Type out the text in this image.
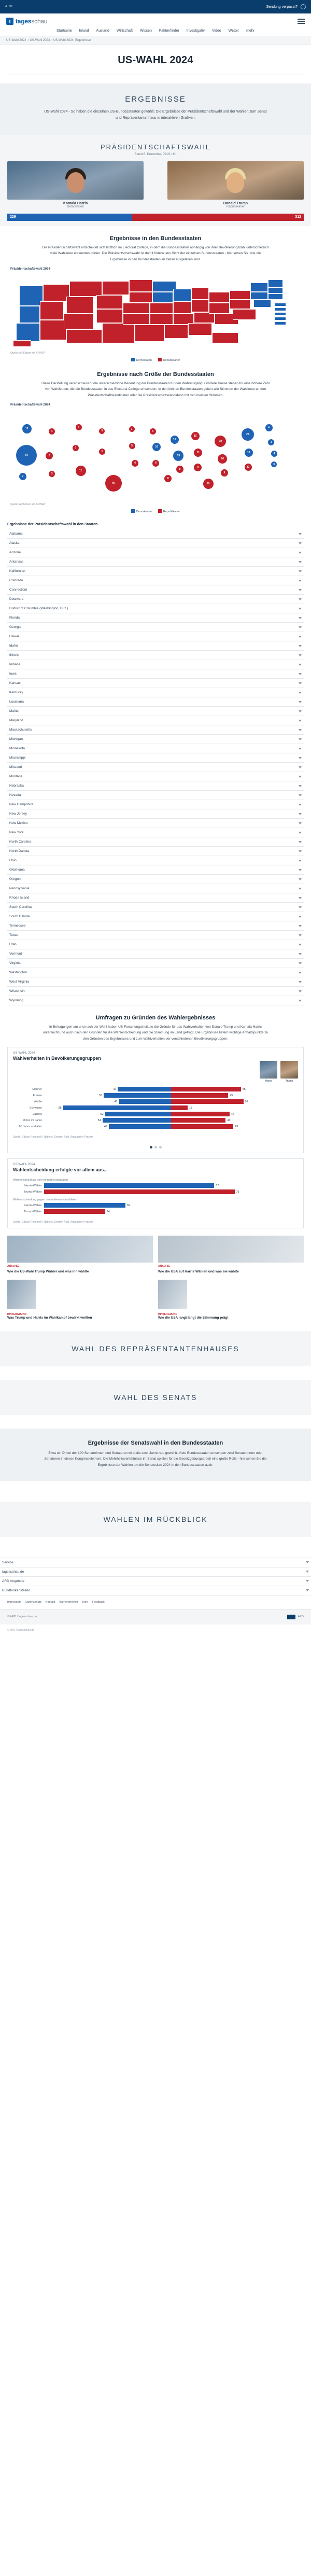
ARD	Sendung verpasst?
t tagesschau
Startseite Inland Ausland Wirtschaft Wissen Faktenfinder Investigativ Video Wetter mehr
US-Wahl 2024 › US-Wahl 2024 › US-Wahl 2024: Ergebnisse
US-WAHL 2024
ERGEBNISSE
US-Wahl 2024 - So haben die einzelnen US-Bundesstaaten gewählt: Die Ergebnisse der Präsidentschaftswahl und der Wahlen zum Senat und Repräsentantenhaus in interaktiven Grafiken.
PRÄSIDENTSCHAFTSWAHL
Stand 6. Dezember, 09:21 Uhr
Kamala Harris
Demokraten
Donald Trump
Republikaner
226	312
Ergebnisse in den Bundesstaaten
Die Präsidentschaftswahl entscheidet sich letztlich im Electoral College, in dem die Bundesstaaten abhängig von ihrer Bevölkerungszahl unterschiedlich viele Wahlleute entsenden dürfen. Die Präsidentschaftswahl ist damit föderal aus Sicht der einzelnen Bundesstaaten - hier sehen Sie, wie die Ergebnisse in den Bundesstaaten im Detail ausgefallen sind.
Präsidentschaftswahl 2024
Quelle: AP/Edison via AP/NEP
Demokraten	Republikaner
Ergebnisse nach Größe der Bundesstaaten
Diese Darstellung veranschaulicht die unterschiedliche Bedeutung der Bundesstaaten für den Wahlausgang: Größere Kreise stehen für eine höhere Zahl von Wahlleuten, die die Bundesstaaten in das Electoral College entsenden. In den kleinen Bundesstaaten gelten alle Stimmen der Wahlleute an den Präsidentschaftskandidaten oder die Präsidentschaftskandidatin mit den meisten Stimmen.
Präsidentschaftswahl 2024
54
12
7
4
6
3
4
3
11
3
5
40
3
5
6
4
10
6
8
10
19
8
15
11
9
30
19
16
9
28
10
13
4
3
4
3
Quelle: AP/Edison via AP/NEP
Demokraten	Republikaner
Ergebnisse der Präsidentschaftswahl in den Staaten
Alabama
Alaska
Arizona
Arkansas
Kalifornien
Colorado
Connecticut
Delaware
District of Columbia (Washington, D.C.)
Florida
Georgia
Hawaii
Idaho
Illinois
Indiana
Iowa
Kansas
Kentucky
Louisiana
Maine
Maryland
Massachusetts
Michigan
Minnesota
Mississippi
Missouri
Montana
Nebraska
Nevada
New Hampshire
New Jersey
New Mexico
New York
North Carolina
North Dakota
Ohio
Oklahoma
Oregon
Pennsylvania
Rhode Island
South Carolina
South Dakota
Tennessee
Texas
Utah
Vermont
Virginia
Washington
West Virginia
Wisconsin
Wyoming
Umfragen zu Gründen des Wahlergebnisses
In Befragungen am und nach der Wahl haben US-Forschungsinstitute die Gründe für das Wahlverhalten von Donald Trump und Kamala Harris untersucht und auch nach den Gründen für die Wahlentscheidung und die Stimmung im Land gefragt. Die Ergebnisse liefern wichtige Anhaltspunkte zu den Gründen des Ergebnisses und zum Wahlverhalten der verschiedenen Bevölkerungsgruppen.
US-WAHL 2024
Wahlverhalten in Bevölkerungsgruppen
Harris	Trump
Männer	42	55
Frauen	53	45
Weiße	41	57
Schwarze	85	13
Latinos	52	46
18 bis 29 Jahre	54	43
65 Jahre und älter	49	49
Quelle: Edison Research / National Election Pool, Angaben in Prozent
US-WAHL 2024
Wahlentscheidung erfolgte vor allem aus...
Wahlentscheidung von meinem Kandidaten
Harris-Wähler	67
Trump-Wähler	75
Wahlentscheidung gegen den anderen Kandidaten
Harris-Wähler	32
Trump-Wähler	24
Quelle: Edison Research / National Election Pool, Angaben in Prozent
ANALYSE
Wie die US-Wahl Trump Wähler und was ihn wählte
ANALYSE
Wie die USA auf Harris Wählen und was sie wählte
HINTERGRUND
Was Trump und Harris im Wahlkampf bewirkt wollten
HINTERGRUND
Wie die USA langt langt die Stimmung prägt
WAHL DES REPRÄSENTANTENHAUSES
WAHL DES SENATS
Ergebnisse der Senatswahl in den Bundesstaaten
Etwa ein Drittel der 100 Senatorinnen und Senatoren wird alle zwei Jahre neu gewählt. Viele Bundesstaaten entsenden zwei Senatorinnen oder Senatoren in dieses Kongresselement. Die Mehrheitsverhältnisse im Senat spielen für die Gesetzgebungsarbeit eine große Rolle - hier sehen Sie die Ergebnisse der Wahlen um die Senatssitze 2024 in den Bundesstaaten auch.
WAHLEN IM RÜCKBLICK
Service
tagesschau.de
ARD Angebote
Rundfunkanstalten
Impressum Datenschutz Kontakt Barrierefreiheit Hilfe Feedback
© ARD / tagesschau.de	ARD
© ARD / tagesschau.de
